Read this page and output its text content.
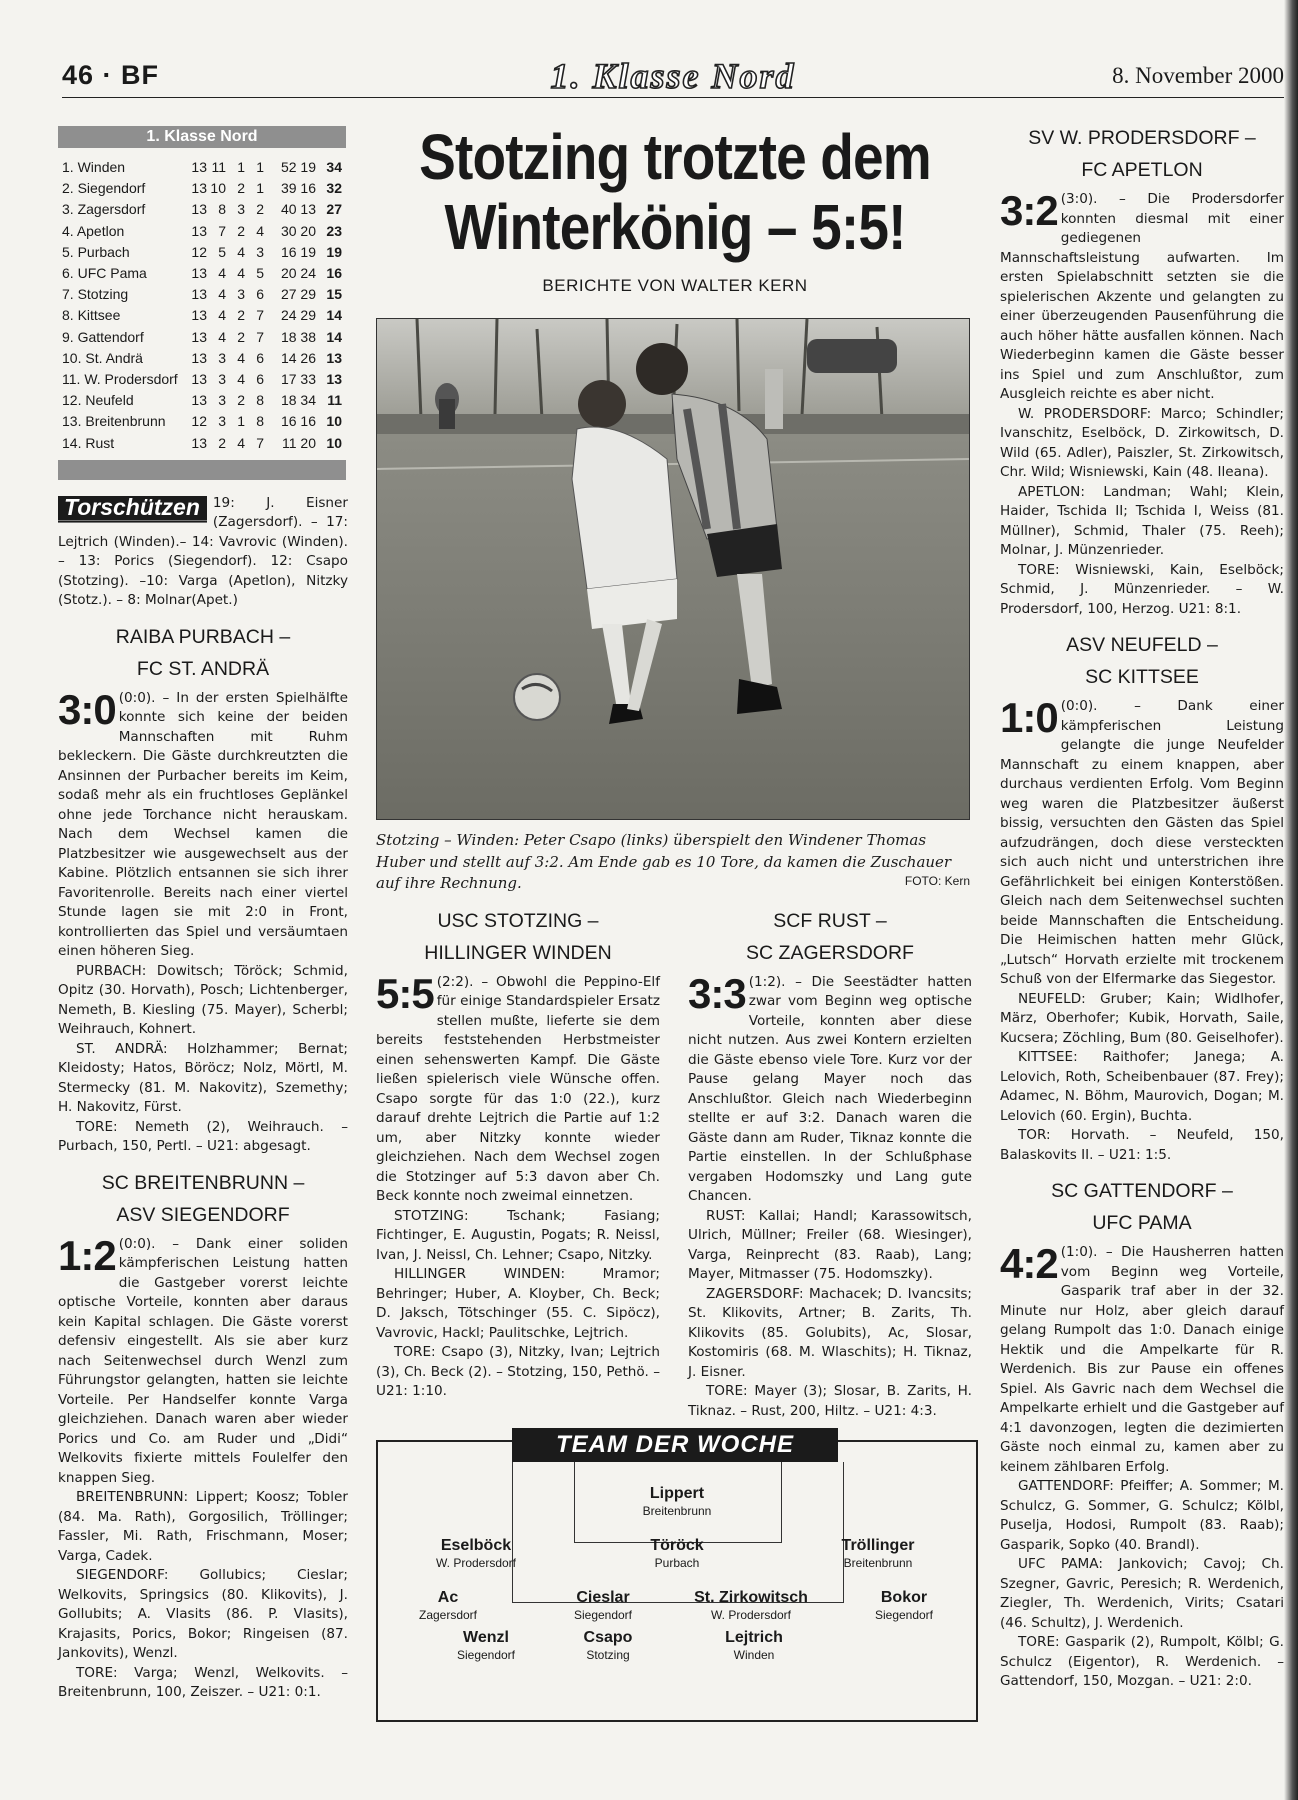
46 · BF	1. Klasse Nord	8. November 2000
1. Klasse Nord
1. Winden	13	11	1	1	52 19	34
2. Siegendorf	13	10	2	1	39 16	32
3. Zagersdorf	13	8	3	2	40 13	27
4. Apetlon	13	7	2	4	30 20	23
5. Purbach	12	5	4	3	16 19	19
6. UFC Pama	13	4	4	5	20 24	16
7. Stotzing	13	4	3	6	27 29	15
8. Kittsee	13	4	2	7	24 29	14
9. Gattendorf	13	4	2	7	18 38	14
10. St. Andrä	13	3	4	6	14 26	13
11. W. Prodersdorf	13	3	4	6	17 33	13
12. Neufeld	13	3	2	8	18 34	11
13. Breitenbrunn	12	3	1	8	16 16	10
14. Rust	13	2	4	7	11 20	10
Torschützen 19: J. Eisner (Zagersdorf). – 17: Lejtrich (Winden).– 14: Vavrovic (Winden). – 13: Porics (Siegendorf). 12: Csapo (Stotzing). –10: Varga (Apetlon), Nitzky (Stotz.). – 8: Molnar(Apet.)
RAIBA PURBACH –
FC ST. ANDRÄ

3:0 (0:0). – In der ersten Spielhälfte konnte sich keine der beiden Mannschaften mit Ruhm bekleckern. Die Gäste durchkreutzten die Ansinnen der Purbacher bereits im Keim, sodaß mehr als ein fruchtloses Geplänkel ohne jede Torchance nicht herauskam. Nach dem Wechsel kamen die Platzbesitzer wie ausgewechselt aus der Kabine. Plötzlich entsannen sie sich ihrer Favoritenrolle. Bereits nach einer viertel Stunde lagen sie mit 2:0 in Front, kontrollierten das Spiel und versäumtaen einen höheren Sieg.

PURBACH: Dowitsch; Töröck; Schmid, Opitz (30. Horvath), Posch; Lichtenberger, Nemeth, B. Kiesling (75. Mayer), Scherbl; Weihrauch, Kohnert.

ST. ANDRÄ: Holzhammer; Bernat; Kleidosty; Hatos, Böröcz; Nolz, Mörtl, M. Stermecky (81. M. Nakovitz), Szemethy; H. Nakovitz, Fürst.

TORE: Nemeth (2), Weihrauch. – Purbach, 150, Pertl. – U21: abgesagt.

SC BREITENBRUNN –
ASV SIEGENDORF

1:2 (0:0). – Dank einer soliden kämpferischen Leistung hatten die Gastgeber vorerst leichte optische Vorteile, konnten aber daraus kein Kapital schlagen. Die Gäste vorerst defensiv eingestellt. Als sie aber kurz nach Seitenwechsel durch Wenzl zum Führungstor gelangten, hatten sie leichte Vorteile. Per Handselfer konnte Varga gleichziehen. Danach waren aber wieder Porics und Co. am Ruder und „Didi“ Welkovits fixierte mittels Foulelfer den knappen Sieg.

BREITENBRUNN: Lippert; Koosz; Tobler (84. Ma. Rath), Gorgosilich, Tröllinger; Fassler, Mi. Rath, Frischmann, Moser; Varga, Cadek.

SIEGENDORF: Gollubics; Cieslar; Welkovits, Springsics (80. Klikovits), J. Gollubits; A. Vlasits (86. P. Vlasits), Krajasits, Porics, Bokor; Ringeisen (87. Jankovits), Wenzl.

TORE: Varga; Wenzl, Welkovits. – Breitenbrunn, 100, Zeiszer. – U21: 0:1.

Stotzing trotzte dem
Winterkönig – 5:5!
BERICHTE VON WALTER KERN
Stotzing – Winden: Peter Csapo (links) überspielt den Windener Thomas Huber und stellt auf 3:2. Am Ende gab es 10 Tore, da kamen die Zuschauer auf ihre Rechnung.	FOTO: Kern
USC STOTZING –
HILLINGER WINDEN

5:5 (2:2). – Obwohl die Peppino-Elf für einige Standardspieler Ersatz stellen mußte, lieferte sie dem bereits feststehenden Herbstmeister einen sehenswerten Kampf. Die Gäste ließen spielerisch viele Wünsche offen. Csapo sorgte für das 1:0 (22.), kurz darauf drehte Lejtrich die Partie auf 1:2 um, aber Nitzky konnte wieder gleichziehen. Nach dem Wechsel zogen die Stotzinger auf 5:3 davon aber Ch. Beck konnte noch zweimal einnetzen.

STOTZING: Tschank; Fasiang; Fichtinger, E. Augustin, Pogats; R. Neissl, Ivan, J. Neissl, Ch. Lehner; Csapo, Nitzky.

HILLINGER WINDEN: Mramor; Behringer; Huber, A. Kloyber, Ch. Beck; D. Jaksch, Tötschinger (55. C. Sipöcz), Vavrovic, Hackl; Paulitschke, Lejtrich.

TORE: Csapo (3), Nitzky, Ivan; Lejtrich (3), Ch. Beck (2). – Stotzing, 150, Pethö. – U21: 1:10.

SCF RUST –
SC ZAGERSDORF

3:3 (1:2). – Die Seestädter hatten zwar vom Beginn weg optische Vorteile, konnten aber diese nicht nutzen. Aus zwei Kontern erzielten die Gäste ebenso viele Tore. Kurz vor der Pause gelang Mayer noch das Anschlußtor. Gleich nach Wiederbeginn stellte er auf 3:2. Danach waren die Gäste dann am Ruder, Tiknaz konnte die Partie einstellen. In der Schlußphase vergaben Hodomszky und Lang gute Chancen.

RUST: Kallai; Handl; Karassowitsch, Ulrich, Müllner; Freiler (68. Wiesinger), Varga, Reinprecht (83. Raab), Lang; Mayer, Mitmasser (75. Hodomszky).

ZAGERSDORF: Machacek; D. Ivancsits; St. Klikovits, Artner; B. Zarits, Th. Klikovits (85. Golubits), Ac, Slosar, Kostomiris (68. M. Wlaschits); H. Tiknaz, J. Eisner.

TORE: Mayer (3); Slosar, B. Zarits, H. Tiknaz. – Rust, 200, Hiltz. – U21: 4:3.

TEAM DER WOCHE
Lippert
Breitenbrunn
Eselböck
W. Prodersdorf
Töröck
Purbach
Tröllinger
Breitenbrunn
Ac
Zagersdorf
Cieslar
Siegendorf
St. Zirkowitsch
W. Prodersdorf
Bokor
Siegendorf
Wenzl
Siegendorf
Csapo
Stotzing
Lejtrich
Winden
SV W. PRODERSDORF –
FC APETLON

3:2 (3:0). – Die Prodersdorfer konnten diesmal mit einer gediegenen Mannschaftsleistung aufwarten. Im ersten Spielabschnitt setzten sie die spielerischen Akzente und gelangten zu einer überzeugenden Pausenführung die auch höher hätte ausfallen können. Nach Wiederbeginn kamen die Gäste besser ins Spiel und zum Anschlußtor, zum Ausgleich reichte es aber nicht.

W. PRODERSDORF: Marco; Schindler; Ivanschitz, Eselböck, D. Zirkowitsch, D. Wild (65. Adler), Paiszler, St. Zirkowitsch, Chr. Wild; Wisniewski, Kain (48. Ileana).

APETLON: Landman; Wahl; Klein, Haider, Tschida II; Tschida I, Weiss (81. Müllner), Schmid, Thaler (75. Reeh); Molnar, J. Münzenrieder.

TORE: Wisniewski, Kain, Eselböck; Schmid, J. Münzenrieder. – W. Prodersdorf, 100, Herzog. U21: 8:1.

ASV NEUFELD –
SC KITTSEE

1:0 (0:0). – Dank einer kämpferischen Leistung gelangte die junge Neufelder Mannschaft zu einem knappen, aber durchaus verdienten Erfolg. Vom Beginn weg waren die Platzbesitzer äußerst bissig, versuchten den Gästen das Spiel aufzudrängen, doch diese versteckten sich auch nicht und unterstrichen ihre Gefährlichkeit bei einigen Konterstößen. Gleich nach dem Seitenwechsel suchten beide Mannschaften die Entscheidung. Die Heimischen hatten mehr Glück, „Lutsch“ Horvath erzielte mit trockenem Schuß von der Elfermarke das Siegestor.

NEUFELD: Gruber; Kain; Widlhofer, März, Oberhofer; Kubik, Horvath, Saile, Kucsera; Zöchling, Bum (80. Geiselhofer).

KITTSEE: Raithofer; Janega; A. Lelovich, Roth, Scheibenbauer (87. Frey); Adamec, N. Böhm, Maurovich, Dogan; M. Lelovich (60. Ergin), Buchta.

TOR: Horvath. – Neufeld, 150, Balaskovits II. – U21: 1:5.

SC GATTENDORF –
UFC PAMA

4:2 (1:0). – Die Hausherren hatten vom Beginn weg Vorteile, Gasparik traf aber in der 32. Minute nur Holz, aber gleich darauf gelang Rumpolt das 1:0. Danach einige Hektik und die Ampelkarte für R. Werdenich. Bis zur Pause ein offenes Spiel. Als Gavric nach dem Wechsel die Ampelkarte erhielt und die Gastgeber auf 4:1 davonzogen, legten die dezimierten Gäste noch einmal zu, kamen aber zu keinem zählbaren Erfolg.

GATTENDORF: Pfeiffer; A. Sommer; M. Schulcz, G. Sommer, G. Schulcz; Kölbl, Puselja, Hodosi, Rumpolt (83. Raab); Gasparik, Sopko (40. Brandl).

UFC PAMA: Jankovich; Cavoj; Ch. Szegner, Gavric, Peresich; R. Werdenich, Ziegler, Th. Werdenich, Virits; Csatari (46. Schultz), J. Werdenich.

TORE: Gasparik (2), Rumpolt, Kölbl; G. Schulcz (Eigentor), R. Werdenich. – Gattendorf, 150, Mozgan. – U21: 2:0.
